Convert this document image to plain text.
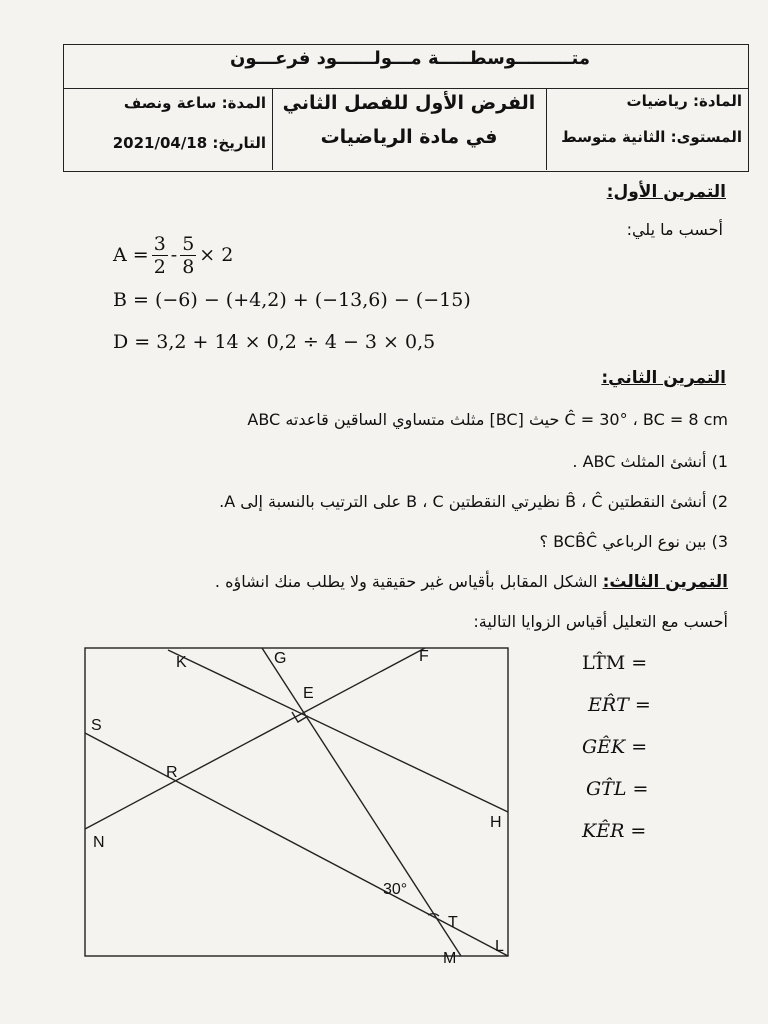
متـــــــــوسطـــــة مـــولــــــود فرعـــون
المادة: رياضيات
المستوى: الثانية متوسط
الفرض الأول للفصل الثاني
في مادة الرياضيات
المدة: ساعة ونصف
التاريخ: 2021/04/18
التمرين الأول:
أحسب ما يلي:
$A = \frac{3}{2} - \frac{5}{8} \times 2$
B = (−6) − (+4,2) + (−13,6) − (−15)
D = 3,2 + 14 × 0,2 ÷ 4 − 3 × 0,5
التمرين الثاني:
ABC مثلث متساوي الساقين قاعدته [BC] حيث Ĉ = 30° ، BC = 8 cm
1) أنشئ المثلث ABC .
2) أنشئ النقطتين B̂ ، Ĉ نظيرتي النقطتين B ، C على الترتيب بالنسبة إلى A.
3) بين نوع الرباعي BCB̂Ĉ ؟
التمرين الثالث: الشكل المقابل بأقياس غير حقيقية ولا يطلب منك انشاؤه .
أحسب مع التعليل أقياس الزوايا التالية:
LT̂M =
ER̂T =
GÊK =
GT̂L =
KÊR =
K	G	F
E
S
R
H
N
T
M
L
30°
